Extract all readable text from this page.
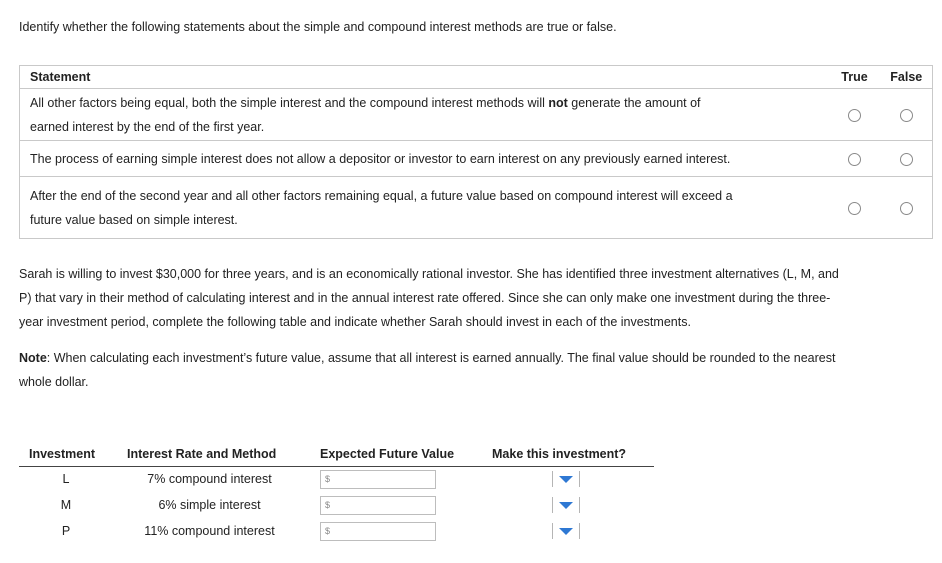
Identify whether the following statements about the simple and compound interest methods are true or false.
Statement	True	False
All other factors being equal, both the simple interest and the compound interest methods will not generate the amount of
earned interest by the end of the first year.		
The process of earning simple interest does not allow a depositor or investor to earn interest on any previously earned interest.		
After the end of the second year and all other factors remaining equal, a future value based on compound interest will exceed a
future value based on simple interest.		
Sarah is willing to invest $30,000 for three years, and is an economically rational investor. She has identified three investment alternatives (L, M, and
P) that vary in their method of calculating interest and in the annual interest rate offered. Since she can only make one investment during the three-
year investment period, complete the following table and indicate whether Sarah should invest in each of the investments.
Note: When calculating each investment’s future value, assume that all interest is earned annually. The final value should be rounded to the nearest
whole dollar.
Investment	Interest Rate and Method	Expected Future Value	Make this investment?
L	7% compound interest	$	

M	6% simple interest	$	

P	11% compound interest	$	
